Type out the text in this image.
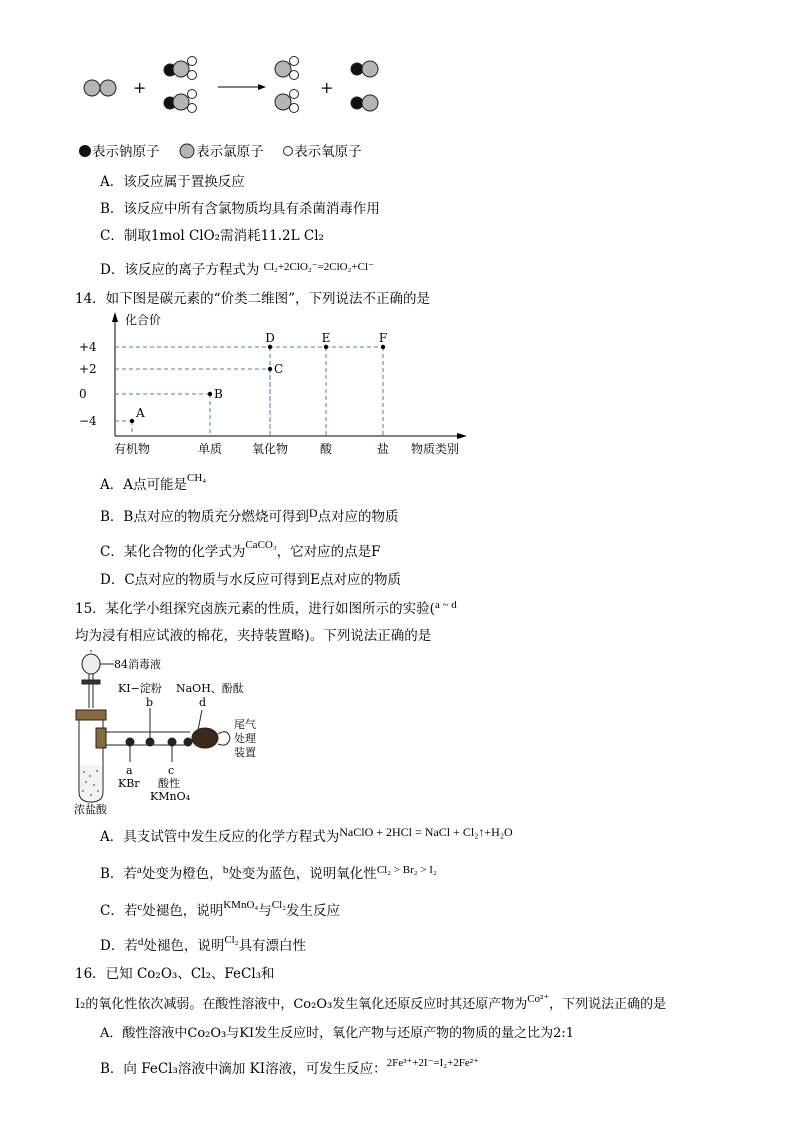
+	+
表示钠原子	表示氯原子 表示氧原子
A．该反应属于置换反应
B．该反应中所有含氯物质均具有杀菌消毒作用
C．制取1mol ClO₂需消耗11.2L Cl₂
D．该反应的离子方程式为 $^{Cl_2+2ClO_2^-=2ClO_2+Cl^-}$
14．如下图是碳元素的“价类二维图”，下列说法不正确的是
化合价
物质类别
+4
+2
0
−4
有机物	单质 氧化物	酸	盐
A
B
C
D	E	F
A．A点可能是$^{CH_4}$
B．B点对应的物质充分燃烧可得到D点对应的物质
C．某化合物的化学式为$^{CaCO_3}$，它对应的点是F
D．C点对应的物质与水反应可得到E点对应的物质
15．某化学小组探究卤族元素的性质，进行如图所示的实验($^{a \sim d}$
均为浸有相应试液的棉花，夹持装置略)。下列说法正确的是
84消毒液
KI−淀粉 NaOH、酚酞
b	d
尾气
处理
装置
a	c
KBr 酸性
KMnO₄
浓盐酸
A．具支试管中发生反应的化学方程式为NaClO + 2HCl = NaCl + Cl₂↑+H₂O
B．若$^a$处变为橙色，$^b$处变为蓝色，说明氧化性$^{Cl_2 > Br_2 > I_2}$
C．若$^c$处褪色，说明$^{KMnO_4}$与$^{Cl_2}$发生反应
D．若$^d$处褪色，说明$^{Cl_2}$具有漂白性
16．已知 Co₂O₃、Cl₂、FeCl₃和
I₂的氧化性依次减弱。在酸性溶液中，Co₂O₃发生氧化还原反应时其还原产物为$^{Co^{2+}}$，下列说法正确的是
A．酸性溶液中Co₂O₃与KI发生反应时，氧化产物与还原产物的物质的量之比为2:1
B．向 FeCl₃溶液中滴加 KI溶液，可发生反应：$^{2Fe^{3+}+2I^-=I_2+2Fe^{2+}}$
